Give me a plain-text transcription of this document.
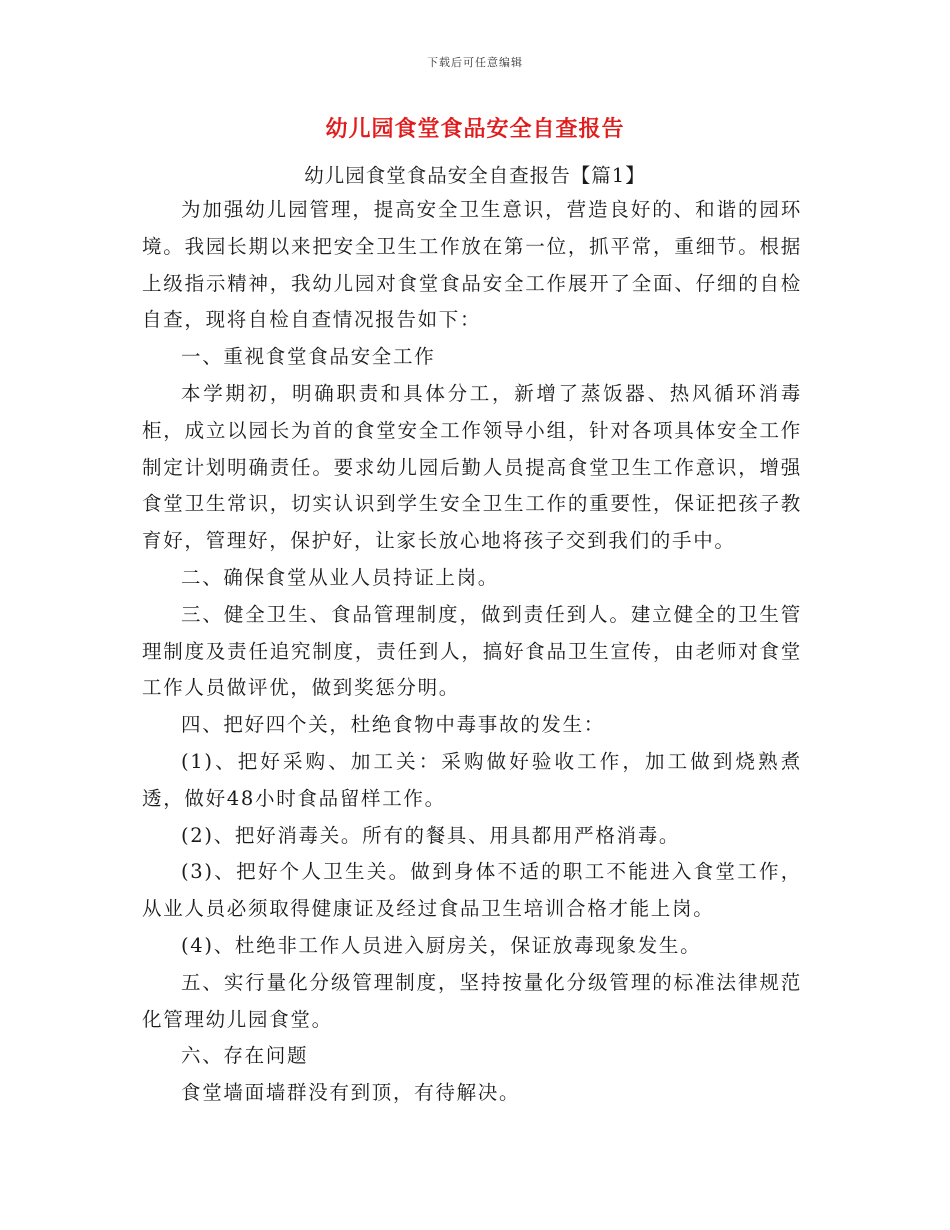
下载后可任意编辑
幼儿园食堂食品安全自查报告
幼儿园食堂食品安全自查报告【篇1】

为加强幼儿园管理，提高安全卫生意识，营造良好的、和谐的园环境。我园长期以来把安全卫生工作放在第一位，抓平常，重细节。根据上级指示精神，我幼儿园对食堂食品安全工作展开了全面、仔细的自检自查，现将自检自查情况报告如下：

一、重视食堂食品安全工作

本学期初，明确职责和具体分工，新增了蒸饭器、热风循环消毒柜，成立以园长为首的食堂安全工作领导小组，针对各项具体安全工作制定计划明确责任。要求幼儿园后勤人员提高食堂卫生工作意识，增强食堂卫生常识，切实认识到学生安全卫生工作的重要性，保证把孩子教育好，管理好，保护好，让家长放心地将孩子交到我们的手中。

二、确保食堂从业人员持证上岗。

三、健全卫生、食品管理制度，做到责任到人。建立健全的卫生管理制度及责任追究制度，责任到人，搞好食品卫生宣传，由老师对食堂工作人员做评优，做到奖惩分明。

四、把好四个关，杜绝食物中毒事故的发生：

(1)、把好采购、加工关：采购做好验收工作，加工做到烧熟煮透，做好48小时食品留样工作。

(2)、把好消毒关。所有的餐具、用具都用严格消毒。

(3)、把好个人卫生关。做到身体不适的职工不能进入食堂工作，从业人员必须取得健康证及经过食品卫生培训合格才能上岗。

(4)、杜绝非工作人员进入厨房关，保证放毒现象发生。

五、实行量化分级管理制度，坚持按量化分级管理的标准法律规范化管理幼儿园食堂。

六、存在问题

食堂墙面墙群没有到顶，有待解决。
